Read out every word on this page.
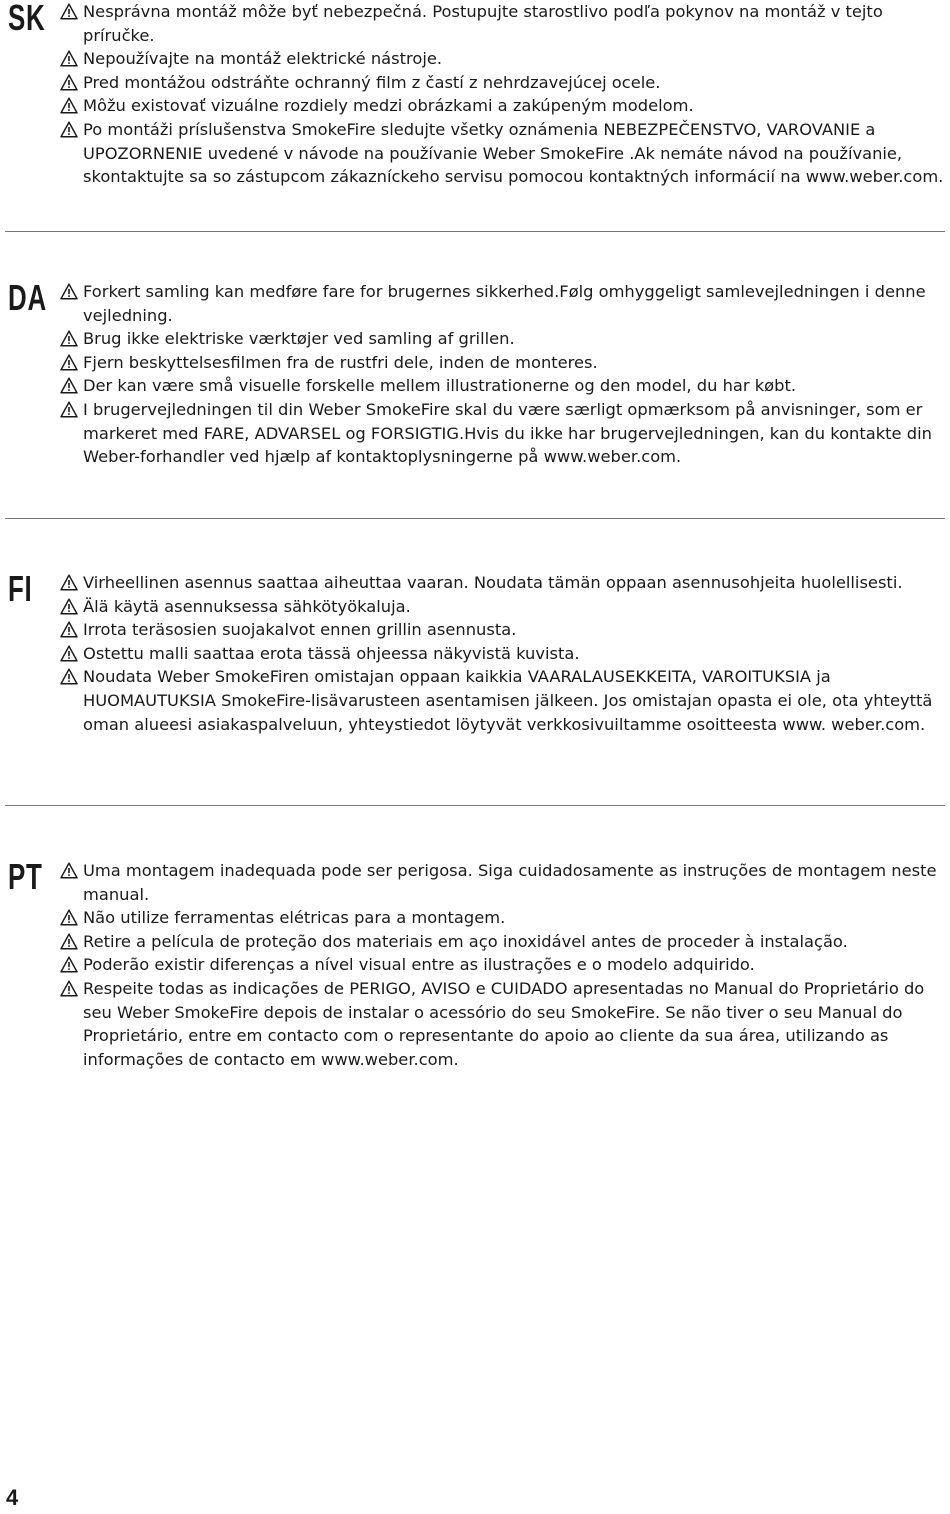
SK	Nesprávna montáž môže byť nebezpečná. Postupujte starostlivo podľa pokynov na montáž v tejto príručke.
Nepoužívajte na montáž elektrické nástroje.
Pred montážou odstráňte ochranný film z častí z nehrdzavejúcej ocele.
Môžu existovať vizuálne rozdiely medzi obrázkami a zakúpeným modelom.
Po montáži príslušenstva SmokeFire sledujte všetky oznámenia NEBEZPEČENSTVO, VAROVANIE a UPOZORNENIE uvedené v návode na používanie Weber SmokeFire .Ak nemáte návod na používanie, skontaktujte sa so zástupcom zákazníckeho servisu pomocou kontaktných informácií na www.weber.com.
DA	Forkert samling kan medføre fare for brugernes sikkerhed.Følg omhyggeligt samlevejledningen i denne vejledning.
Brug ikke elektriske værktøjer ved samling af grillen.
Fjern beskyttelsesfilmen fra de rustfri dele, inden de monteres.
Der kan være små visuelle forskelle mellem illustrationerne og den model, du har købt.
I brugervejledningen til din Weber SmokeFire skal du være særligt opmærksom på anvisninger, som er markeret med FARE, ADVARSEL og FORSIGTIG.Hvis du ikke har brugervejledningen, kan du kontakte din Weber-forhandler ved hjælp af kontaktoplysningerne på www.weber.com.
FI	Virheellinen asennus saattaa aiheuttaa vaaran. Noudata tämän oppaan asennusohjeita huolellisesti.
Älä käytä asennuksessa sähkötyökaluja.
Irrota teräsosien suojakalvot ennen grillin asennusta.
Ostettu malli saattaa erota tässä ohjeessa näkyvistä kuvista.
Noudata Weber SmokeFiren omistajan oppaan kaikkia VAARALAUSEKKEITA, VAROITUKSIA ja HUOMAUTUKSIA SmokeFire-lisävarusteen asentamisen jälkeen. Jos omistajan opasta ei ole, ota yhteyttä oman alueesi asiakaspalveluun, yhteystiedot löytyvät verkkosivuiltamme osoitteesta www. weber.com.
PT	Uma montagem inadequada pode ser perigosa. Siga cuidadosamente as instruções de montagem neste manual.
Não utilize ferramentas elétricas para a montagem.
Retire a película de proteção dos materiais em aço inoxidável antes de proceder à instalação.
Poderão existir diferenças a nível visual entre as ilustrações e o modelo adquirido.
Respeite todas as indicações de PERIGO, AVISO e CUIDADO apresentadas no Manual do Proprietário do seu Weber SmokeFire depois de instalar o acessório do seu SmokeFire. Se não tiver o seu Manual do Proprietário, entre em contacto com o representante do apoio ao cliente da sua área, utilizando as informações de contacto em www.weber.com.
4
